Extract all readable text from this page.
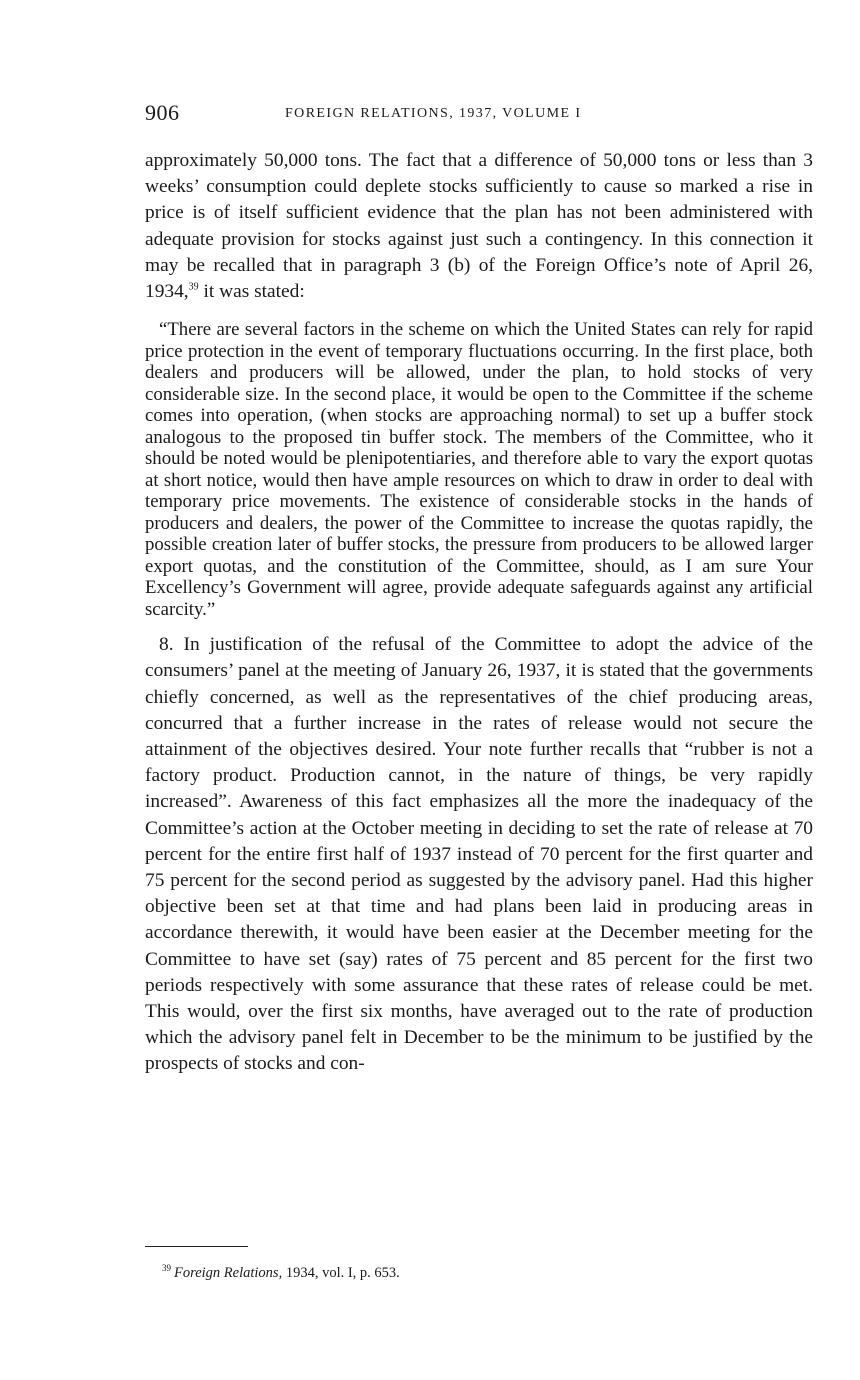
906	FOREIGN RELATIONS, 1937, VOLUME I

approximately 50,000 tons. The fact that a difference of 50,000 tons or less than 3 weeks’ consumption could deplete stocks sufficiently to cause so marked a rise in price is of itself sufficient evidence that the plan has not been administered with adequate provision for stocks against just such a contingency. In this connection it may be recalled that in paragraph 3 (b) of the Foreign Office’s note of April 26, 1934,39 it was stated:

“There are several factors in the scheme on which the United States can rely for rapid price protection in the event of temporary fluctuations occurring. In the first place, both dealers and producers will be allowed, under the plan, to hold stocks of very considerable size. In the second place, it would be open to the Committee if the scheme comes into operation, (when stocks are approaching normal) to set up a buffer stock analogous to the proposed tin buffer stock. The members of the Committee, who it should be noted would be plenipotentiaries, and therefore able to vary the export quotas at short notice, would then have ample resources on which to draw in order to deal with temporary price movements. The existence of considerable stocks in the hands of producers and dealers, the power of the Committee to increase the quotas rapidly, the possible creation later of buffer stocks, the pressure from producers to be allowed larger export quotas, and the constitution of the Committee, should, as I am sure Your Excellency’s Government will agree, provide adequate safeguards against any artificial scarcity.”

8. In justification of the refusal of the Committee to adopt the advice of the consumers’ panel at the meeting of January 26, 1937, it is stated that the governments chiefly concerned, as well as the representatives of the chief producing areas, concurred that a further increase in the rates of release would not secure the attainment of the objectives desired. Your note further recalls that “rubber is not a factory product. Production cannot, in the nature of things, be very rapidly increased”. Awareness of this fact emphasizes all the more the inadequacy of the Committee’s action at the October meeting in deciding to set the rate of release at 70 percent for the entire first half of 1937 instead of 70 percent for the first quarter and 75 percent for the second period as suggested by the advisory panel. Had this higher objective been set at that time and had plans been laid in producing areas in accordance therewith, it would have been easier at the December meeting for the Committee to have set (say) rates of 75 percent and 85 percent for the first two periods respectively with some assurance that these rates of release could be met. This would, over the first six months, have averaged out to the rate of production which the advisory panel felt in December to be the minimum to be justified by the prospects of stocks and con-

$^{39}$ Foreign Relations, 1934, vol. I, p. 653.
